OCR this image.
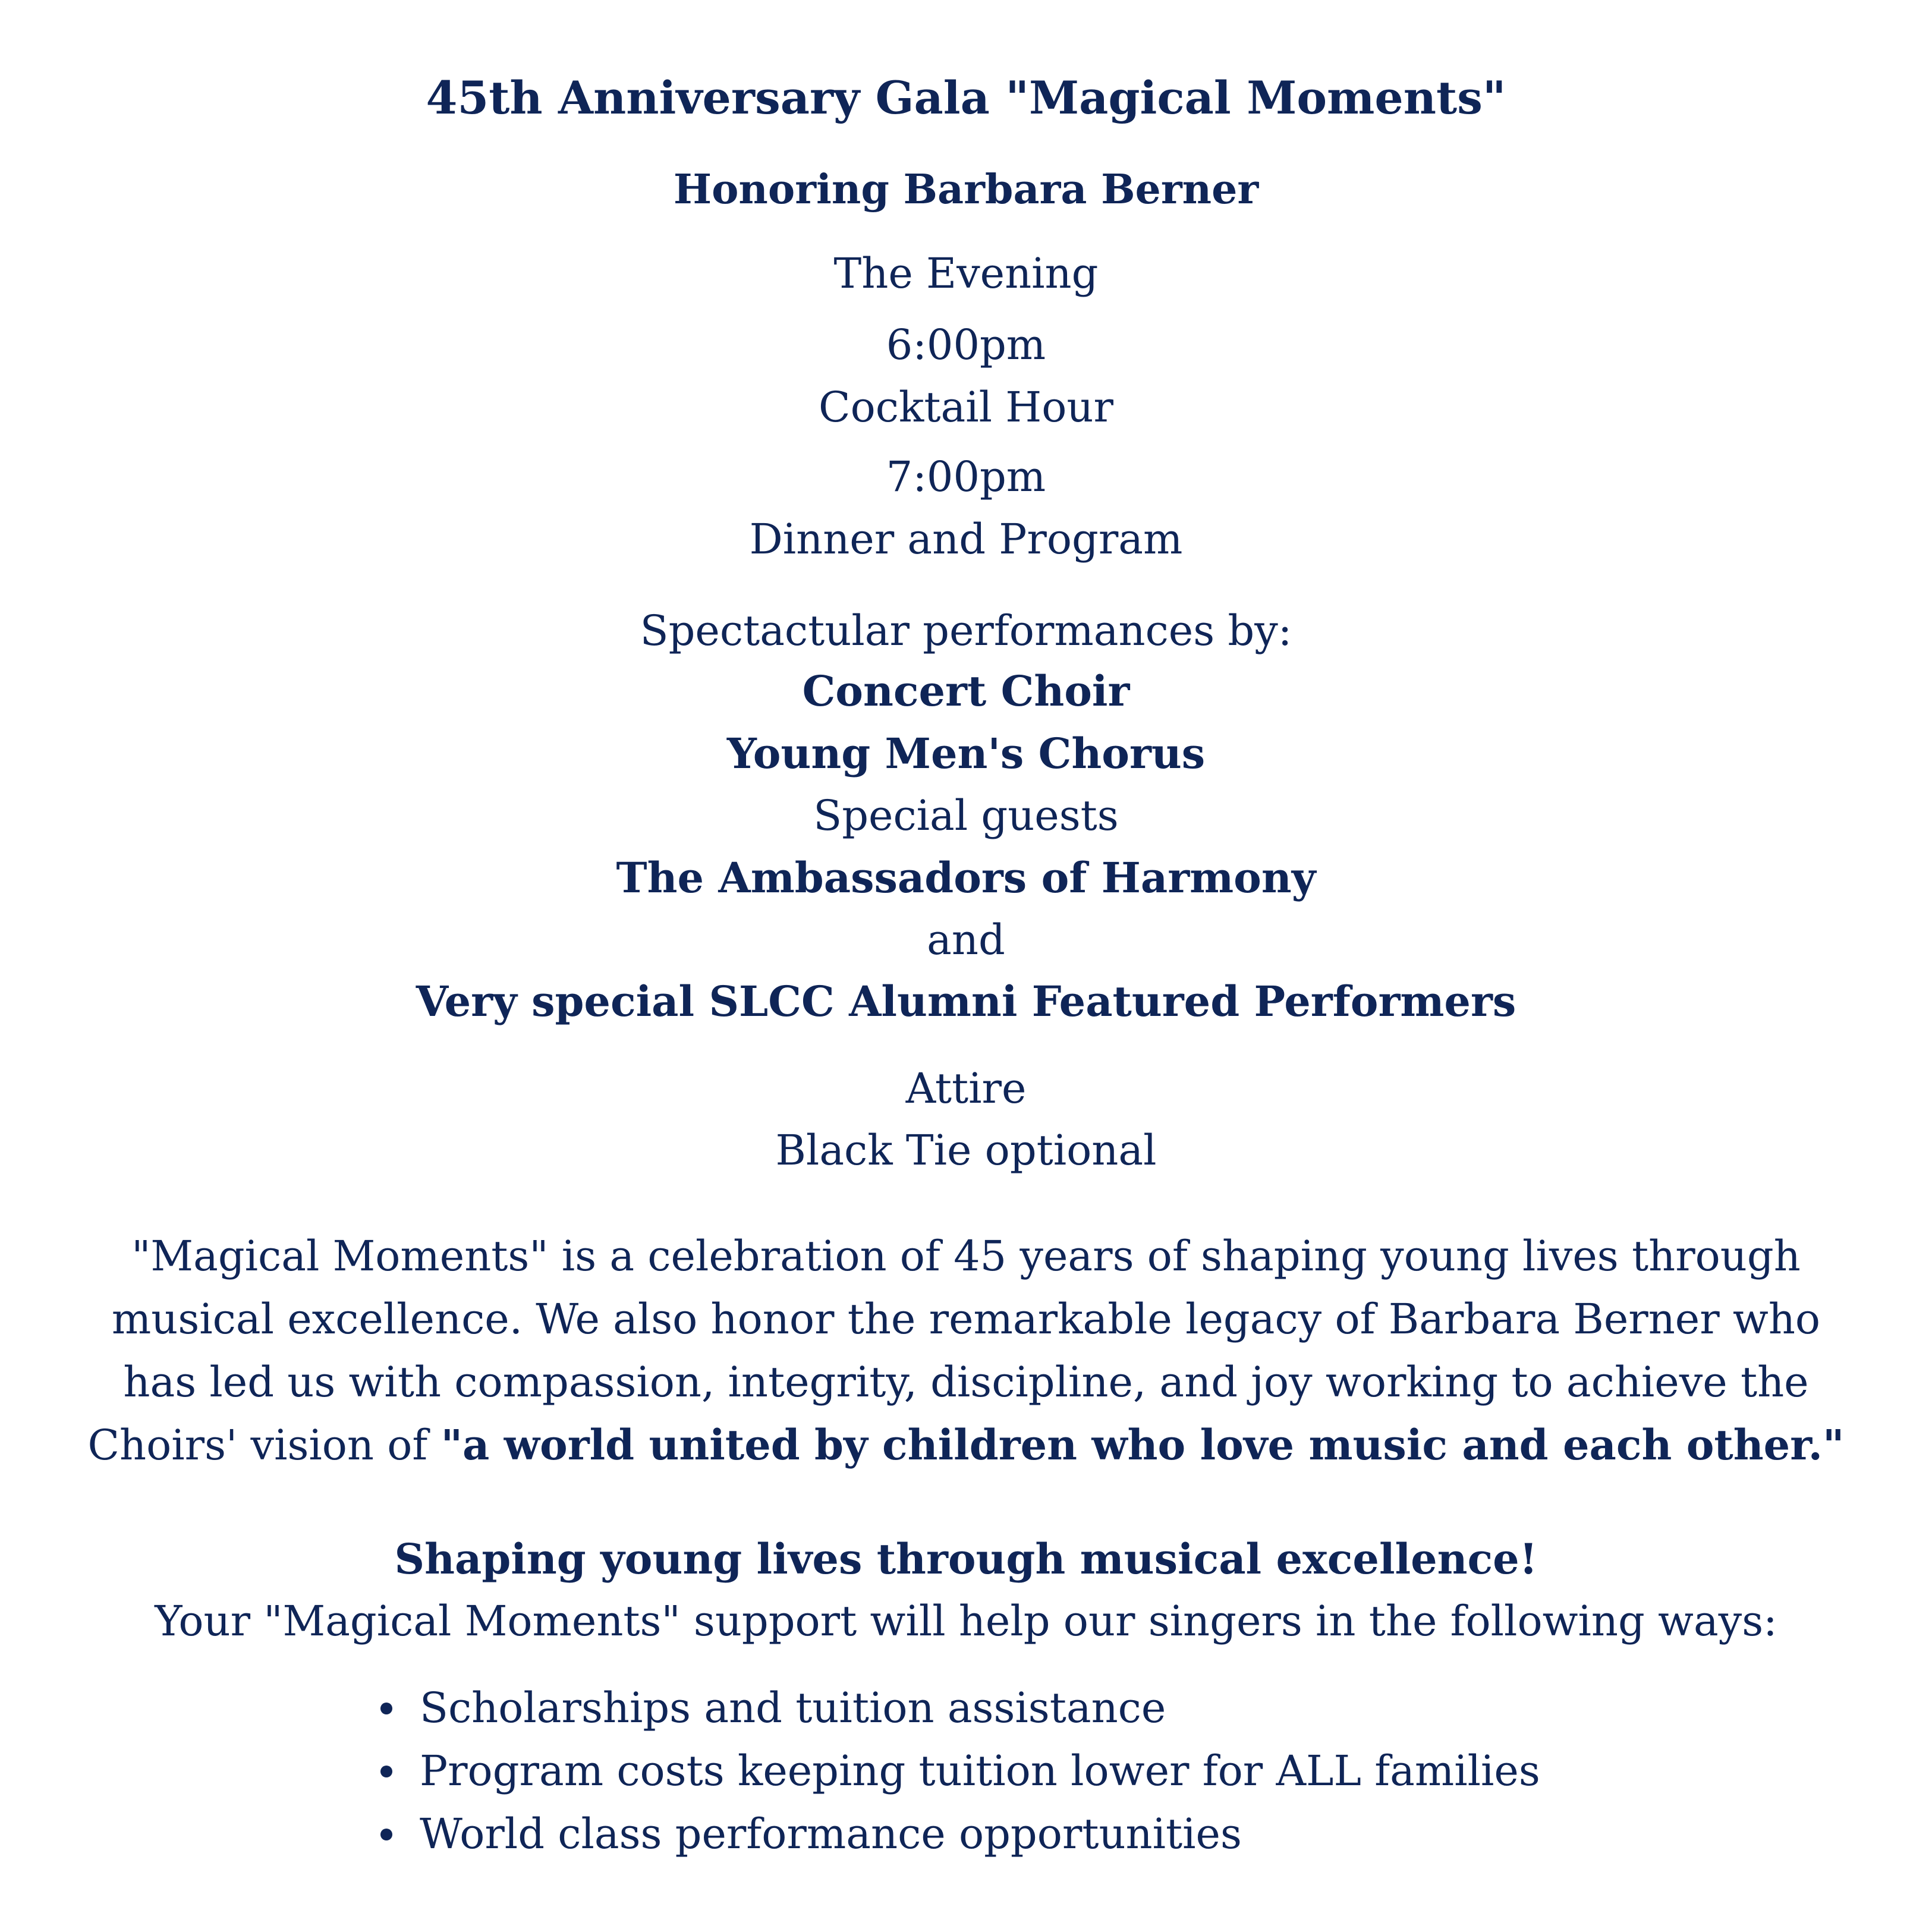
45th Anniversary Gala "Magical Moments"
Honoring Barbara Berner
The Evening
6:00pm
Cocktail Hour
7:00pm
Dinner and Program
Spectactular performances by:
Concert Choir
Young Men's Chorus
Special guests
The Ambassadors of Harmony
and
Very special SLCC Alumni Featured Performers
Attire
Black Tie optional
"Magical Moments" is a celebration of 45 years of shaping young lives through musical excellence. We also honor the remarkable legacy of Barbara Berner who has led us with compassion, integrity, discipline, and joy working to achieve the Choirs' vision of "a world united by children who love music and each other."
Shaping young lives through musical excellence!
Your "Magical Moments" support will help our singers in the following ways:
Scholarships and tuition assistance
Program costs keeping tuition lower for ALL families
World class performance opportunities
